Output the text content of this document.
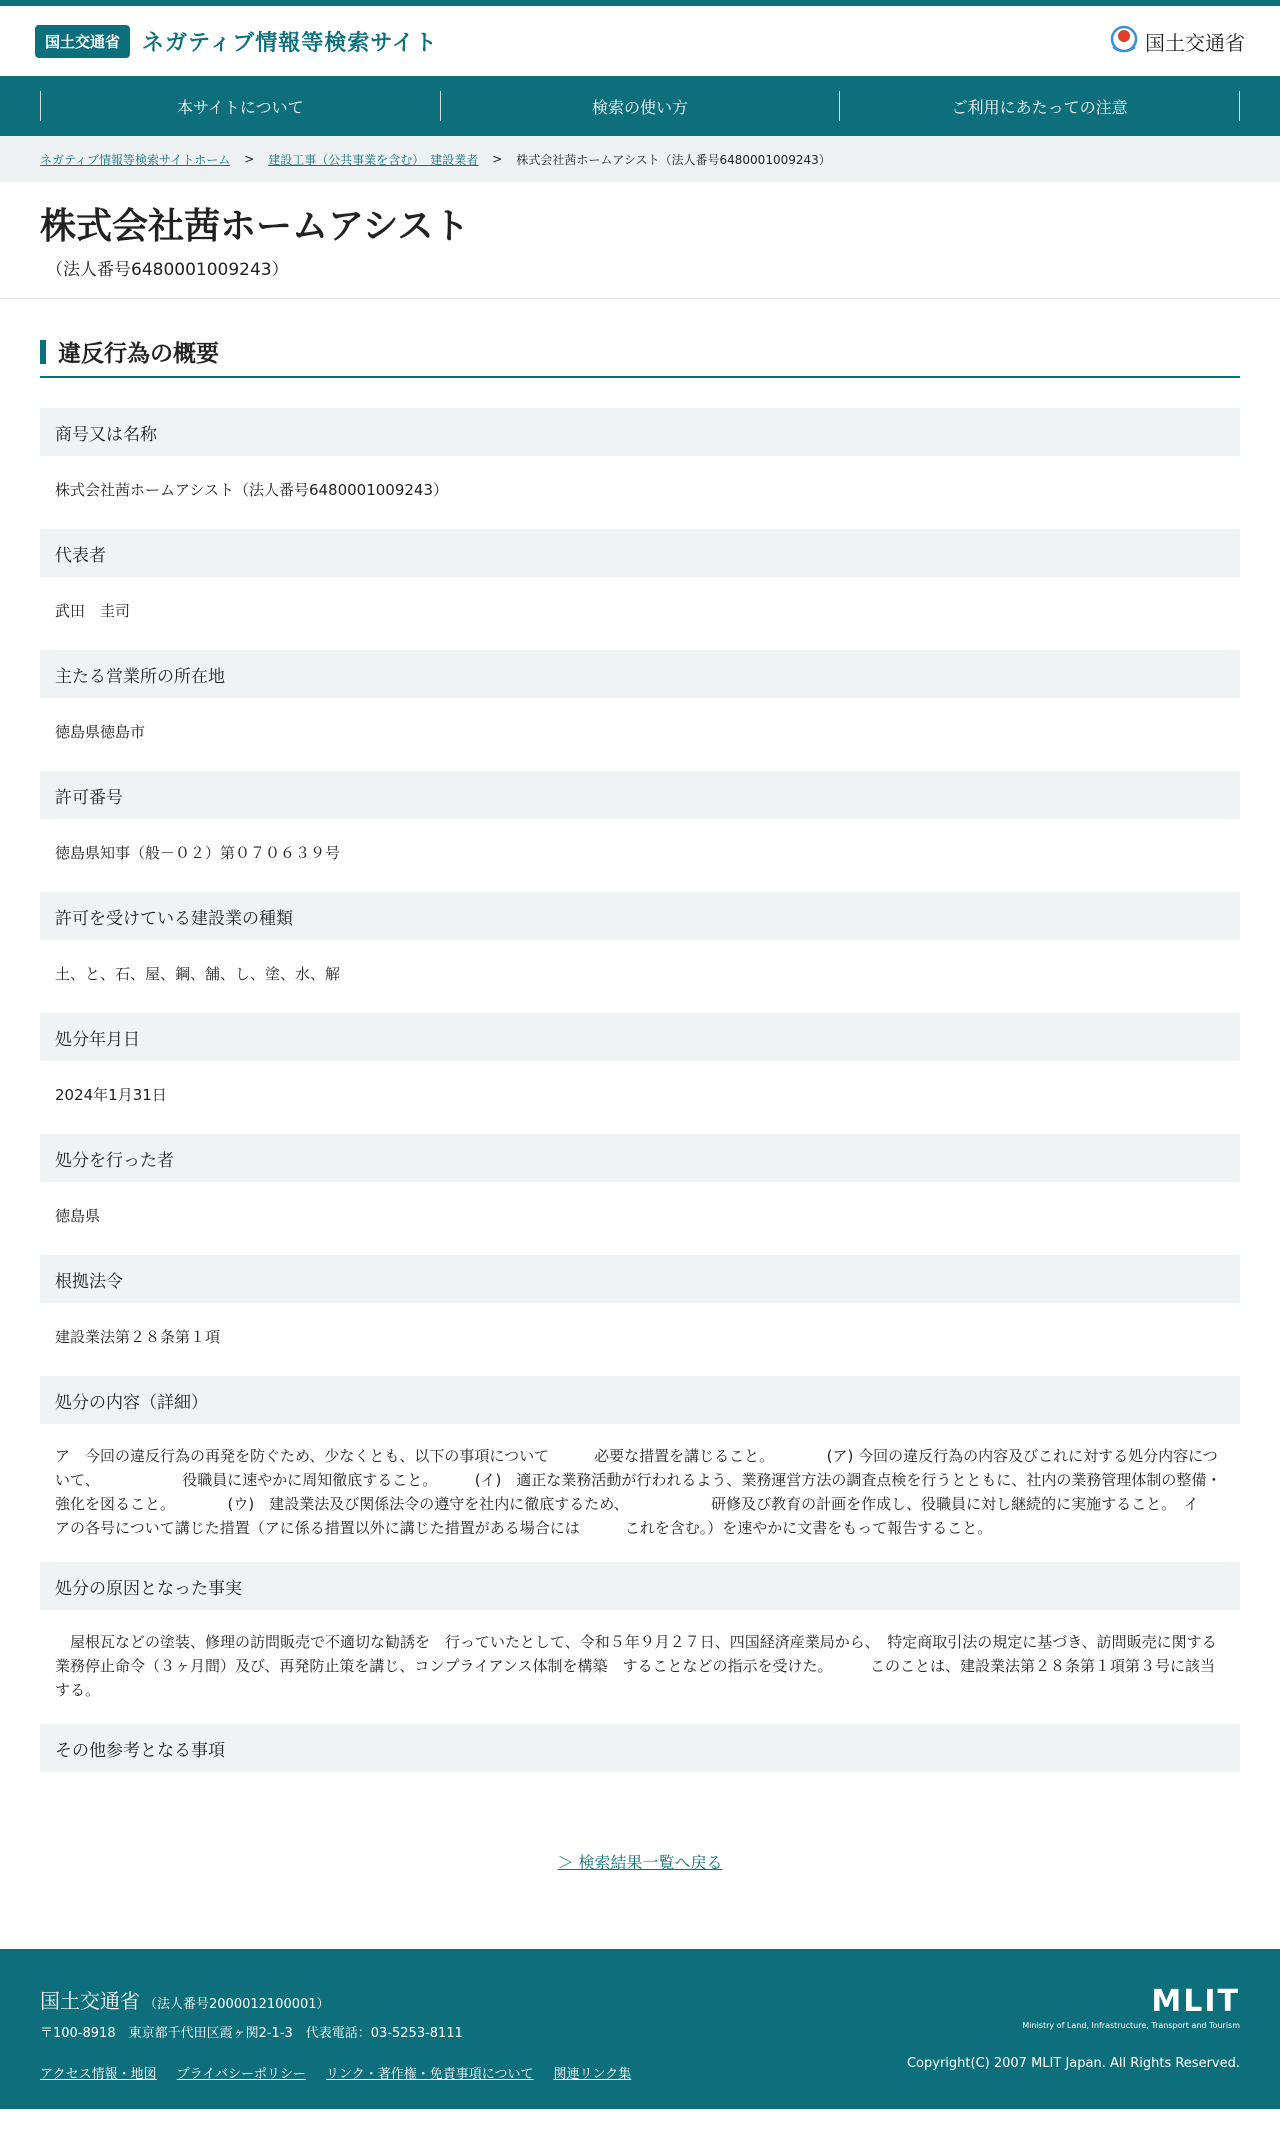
国土交通省	ネガティブ情報等検索サイト	国土交通省
本サイトについて	検索の使い方	ご利用にあたっての注意
ネガティブ情報等検索サイトホーム > 建設工事（公共事業を含む）　建設業者 > 株式会社茜ホームアシスト（法人番号6480001009243）
株式会社茜ホームアシスト

（法人番号6480001009243）

違反行為の概要
商号又は名称
株式会社茜ホームアシスト（法人番号6480001009243）
代表者
武田　圭司
主たる営業所の所在地
徳島県徳島市
許可番号
徳島県知事（般－０２）第０７０６３９号
許可を受けている建設業の種類
土、と、石、屋、鋼、舗、し、塗、水、解
処分年月日
2024年1月31日
処分を行った者
徳島県
根拠法令
建設業法第２８条第１項
処分の内容（詳細）
ア　今回の違反行為の再発を防ぐため、少なくとも、以下の事項について　　　必要な措置を講じること。　　　　(ア) 今回の違反行為の内容及びこれに対する処分内容について、　　　　　　役職員に速やかに周知徹底すること。　　　(イ)　適正な業務活動が行われるよう、業務運営方法の調査点検を行うとともに、社内の業務管理体制の整備・強化を図ること。　　　　(ウ)　建設業法及び関係法令の遵守を社内に徹底するため、　　　　　　研修及び教育の計画を作成し、役職員に対し継続的に実施すること。　イ　アの各号について講じた措置（アに係る措置以外に講じた措置がある場合には　　　これを含む。）を速やかに文書をもって報告すること。
処分の原因となった事実
　屋根瓦などの塗装、修理の訪問販売で不適切な勧誘を　行っていたとして、令和５年９月２７日、四国経済産業局から、　特定商取引法の規定に基づき、訪問販売に関する業務停止命令（３ヶ月間）及び、再発防止策を講じ、コンプライアンス体制を構築　することなどの指示を受けた。　　　このことは、建設業法第２８条第１項第３号に該当する。
その他参考となる事項
＞ 検索結果一覧へ戻る
国土交通省 （法人番号2000012100001）
〒100-8918　東京都千代田区霞ヶ関2-1-3　代表電話：03-5253-8111
アクセス情報・地図 プライバシーポリシー リンク・著作権・免責事項について 関連リンク集
MLIT
Ministry of Land, Infrastructure, Transport and Tourism
Copyright(C) 2007 MLIT Japan. All Rights Reserved.
